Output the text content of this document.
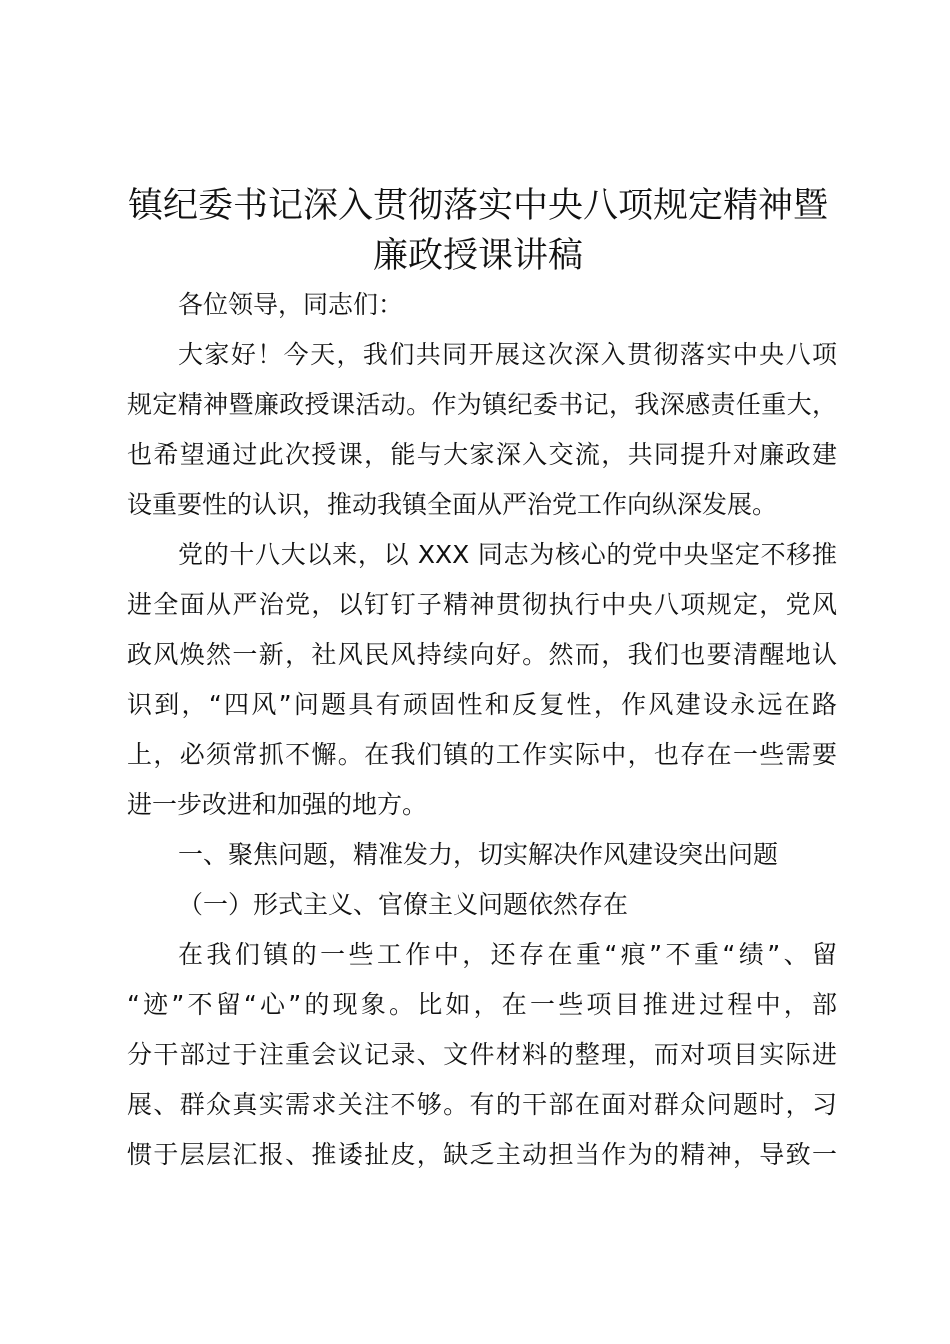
镇纪委书记深入贯彻落实中央八项规定精神暨
廉政授课讲稿

各位领导，同志们：

大家好！今天，我们共同开展这次深入贯彻落实中央八项

规定精神暨廉政授课活动。作为镇纪委书记，我深感责任重大，

也希望通过此次授课，能与大家深入交流，共同提升对廉政建

设重要性的认识，推动我镇全面从严治党工作向纵深发展。

党的十八大以来，以 XXX 同志为核心的党中央坚定不移推

进全面从严治党，以钉钉子精神贯彻执行中央八项规定，党风

政风焕然一新，社风民风持续向好。然而，我们也要清醒地认

识到，“四风”问题具有顽固性和反复性，作风建设永远在路

上，必须常抓不懈。在我们镇的工作实际中，也存在一些需要

进一步改进和加强的地方。

一、聚焦问题，精准发力，切实解决作风建设突出问题

（一）形式主义、官僚主义问题依然存在

在我们镇的一些工作中，还存在重“痕”不重“绩”、留

“迹”不留“心”的现象。比如，在一些项目推进过程中，部

分干部过于注重会议记录、文件材料的整理，而对项目实际进

展、群众真实需求关注不够。有的干部在面对群众问题时，习

惯于层层汇报、推诿扯皮，缺乏主动担当作为的精神，导致一
